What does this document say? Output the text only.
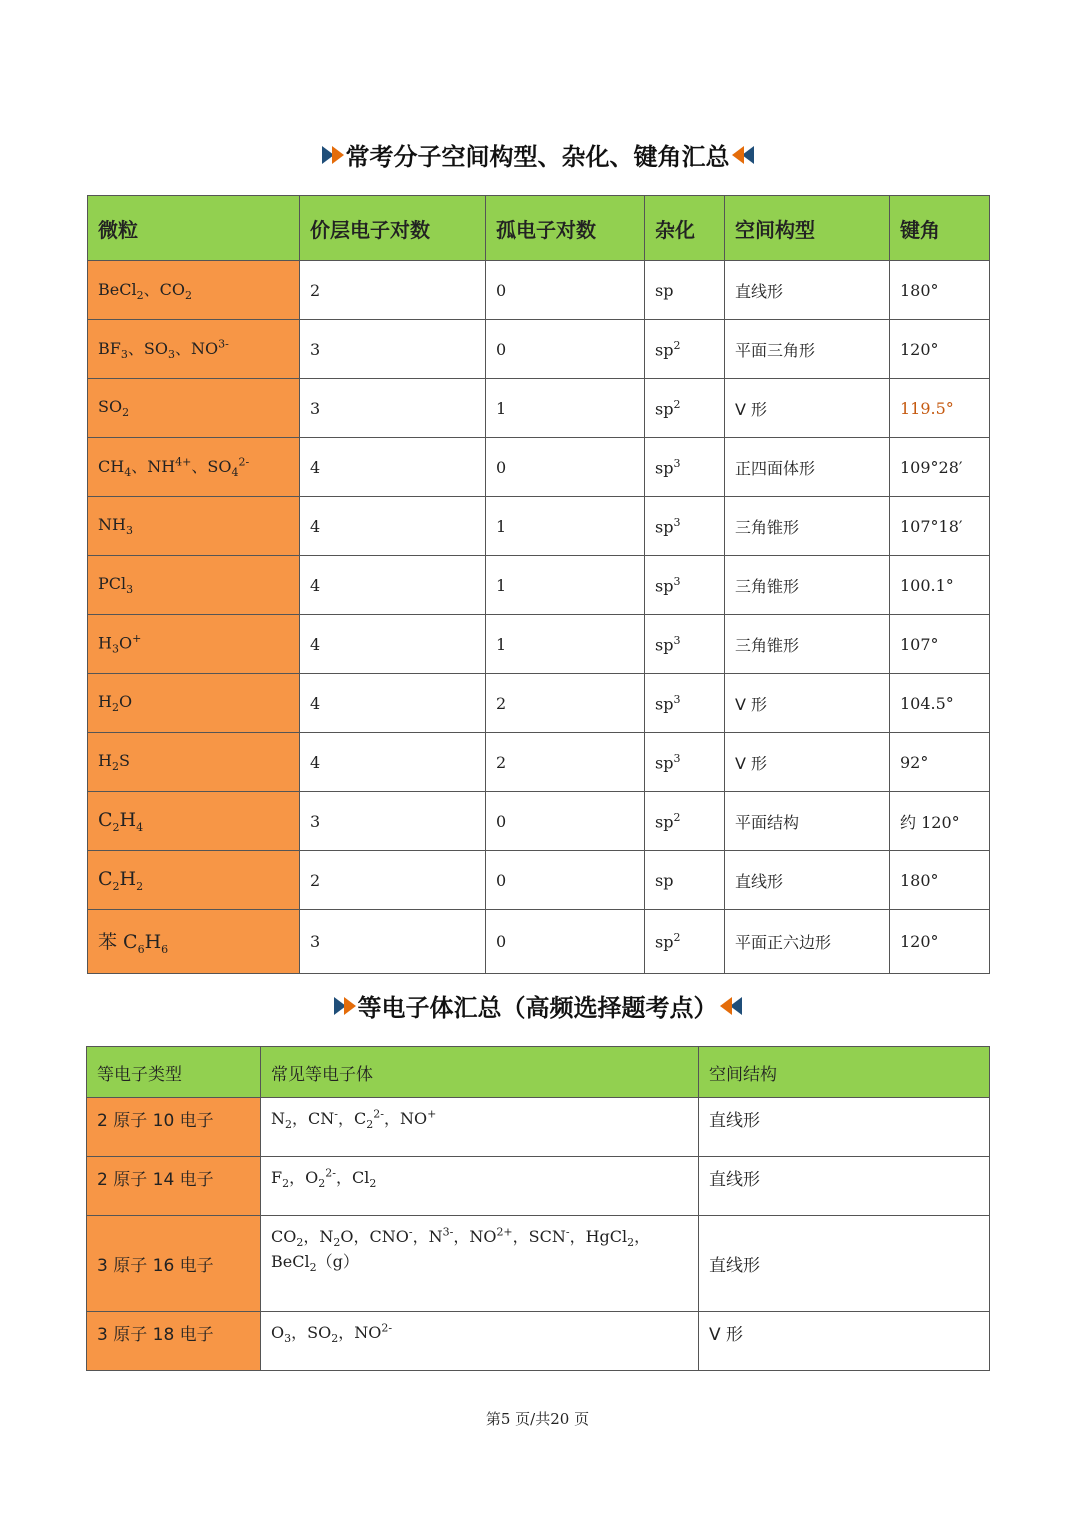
常考分子空间构型、杂化、键角汇总
微粒	价层电子对数	孤电子对数	杂化	空间构型	键角
BeCl$_2$、$CO_2$	2	0	sp	直线形	180°
$BF_3$、$SO_3$、$NO^{3-}$	3	0	$sp^2$	平面三角形	120°
$SO_2$	3	1	$sp^2$	V 形	119.5°
$CH_4$、$NH^{4+}$、$SO_4^{2-}$	4	0	$sp^3$	正四面体形	109°28′
$NH_3$	4	1	$sp^3$	三角锥形	107°18′
PCl$_3$	4	1	$sp^3$	三角锥形	100.1°
$H_3O^+$	4	1	$sp^3$	三角锥形	107°
$H_2O$	4	2	$sp^3$	V 形	104.5°
$H_2S$	4	2	$sp^3$	V 形	92°
$C_2H_4$	3	0	$sp^2$	平面结构	约 120°
$C_2H_2$	2	0	sp	直线形	180°
苯 $C_6H_6$	3	0	$sp^2$	平面正六边形	120°
等电子体汇总（高频选择题考点）
等电子类型	常见等电子体	空间结构
2 原子 10 电子	$N_2$，CN-，$C_2^{2-}$，NO+	直线形
2 原子 14 电子	$F_2$，$O_2^{2-}$，$Cl_2$	直线形
3 原子 16 电子	$CO_2$，$N_2O$，CNO-，$N^{3-}$，$NO^{2+}$，SCN-，HgCl$_2$，BeCl$_2$（g）	直线形
3 原子 18 电子	$O_3$，$SO_2$，$NO^{2-}$	V 形
第5 页/共20 页
